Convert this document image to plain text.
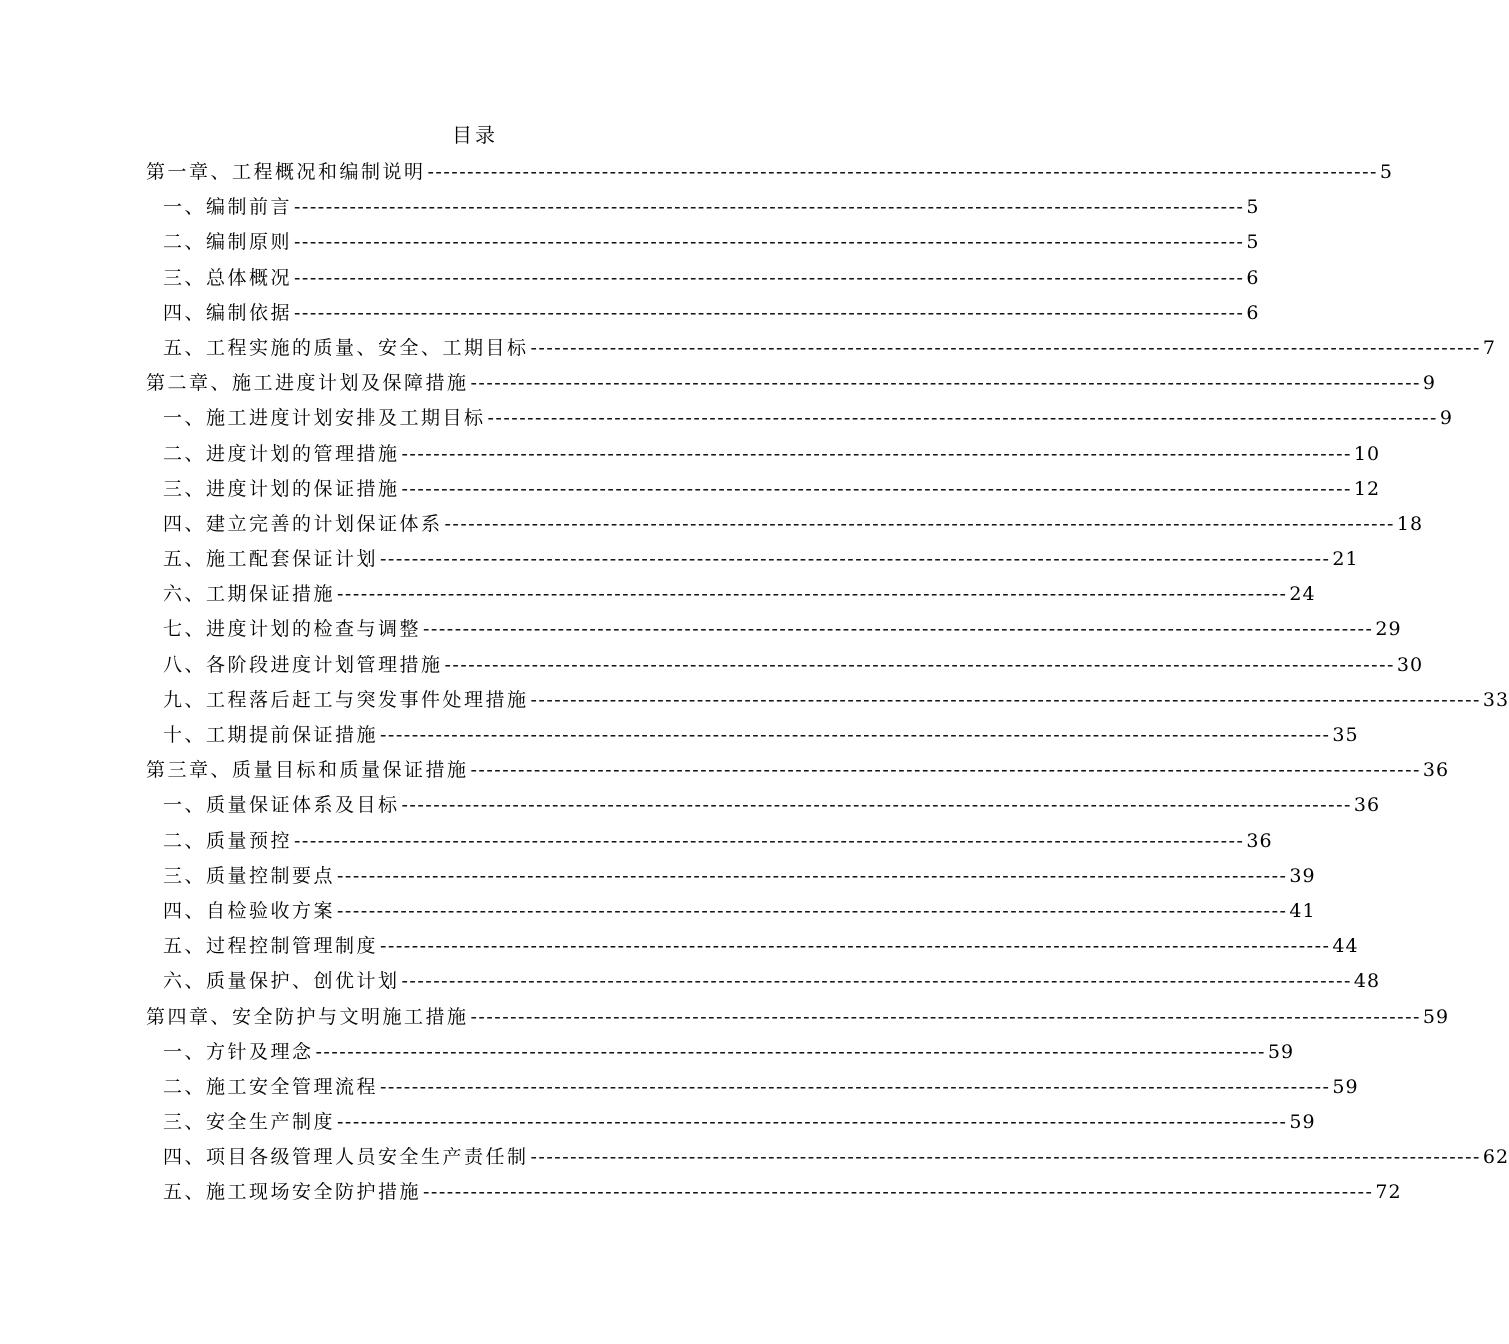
目录
第一章、工程概况和编制说明 ------------------------------------------------------------------------------------------------------------------------ 5
一、编制前言 ------------------------------------------------------------------------------------------------------------------------ 5
二、编制原则 ------------------------------------------------------------------------------------------------------------------------ 5
三、总体概况 ------------------------------------------------------------------------------------------------------------------------ 6
四、编制依据 ------------------------------------------------------------------------------------------------------------------------ 6
五、工程实施的质量、安全、工期目标 ------------------------------------------------------------------------------------------------------------------------ 7
第二章、施工进度计划及保障措施 ------------------------------------------------------------------------------------------------------------------------ 9
一、施工进度计划安排及工期目标 ------------------------------------------------------------------------------------------------------------------------ 9
二、进度计划的管理措施 ------------------------------------------------------------------------------------------------------------------------ 10
三、进度计划的保证措施 ------------------------------------------------------------------------------------------------------------------------ 12
四、建立完善的计划保证体系 ------------------------------------------------------------------------------------------------------------------------ 18
五、施工配套保证计划 ------------------------------------------------------------------------------------------------------------------------ 21
六、工期保证措施 ------------------------------------------------------------------------------------------------------------------------ 24
七、进度计划的检查与调整 ------------------------------------------------------------------------------------------------------------------------ 29
八、各阶段进度计划管理措施 ------------------------------------------------------------------------------------------------------------------------ 30
九、工程落后赶工与突发事件处理措施 ------------------------------------------------------------------------------------------------------------------------ 33
十、工期提前保证措施 ------------------------------------------------------------------------------------------------------------------------ 35
第三章、质量目标和质量保证措施 ------------------------------------------------------------------------------------------------------------------------ 36
一、质量保证体系及目标 ------------------------------------------------------------------------------------------------------------------------ 36
二、质量预控 ------------------------------------------------------------------------------------------------------------------------ 36
三、质量控制要点 ------------------------------------------------------------------------------------------------------------------------ 39
四、自检验收方案 ------------------------------------------------------------------------------------------------------------------------ 41
五、过程控制管理制度 ------------------------------------------------------------------------------------------------------------------------ 44
六、质量保护、创优计划 ------------------------------------------------------------------------------------------------------------------------ 48
第四章、安全防护与文明施工措施 ------------------------------------------------------------------------------------------------------------------------ 59
一、方针及理念 ------------------------------------------------------------------------------------------------------------------------ 59
二、施工安全管理流程 ------------------------------------------------------------------------------------------------------------------------ 59
三、安全生产制度 ------------------------------------------------------------------------------------------------------------------------ 59
四、项目各级管理人员安全生产责任制 ------------------------------------------------------------------------------------------------------------------------ 62
五、施工现场安全防护措施 ------------------------------------------------------------------------------------------------------------------------ 72
